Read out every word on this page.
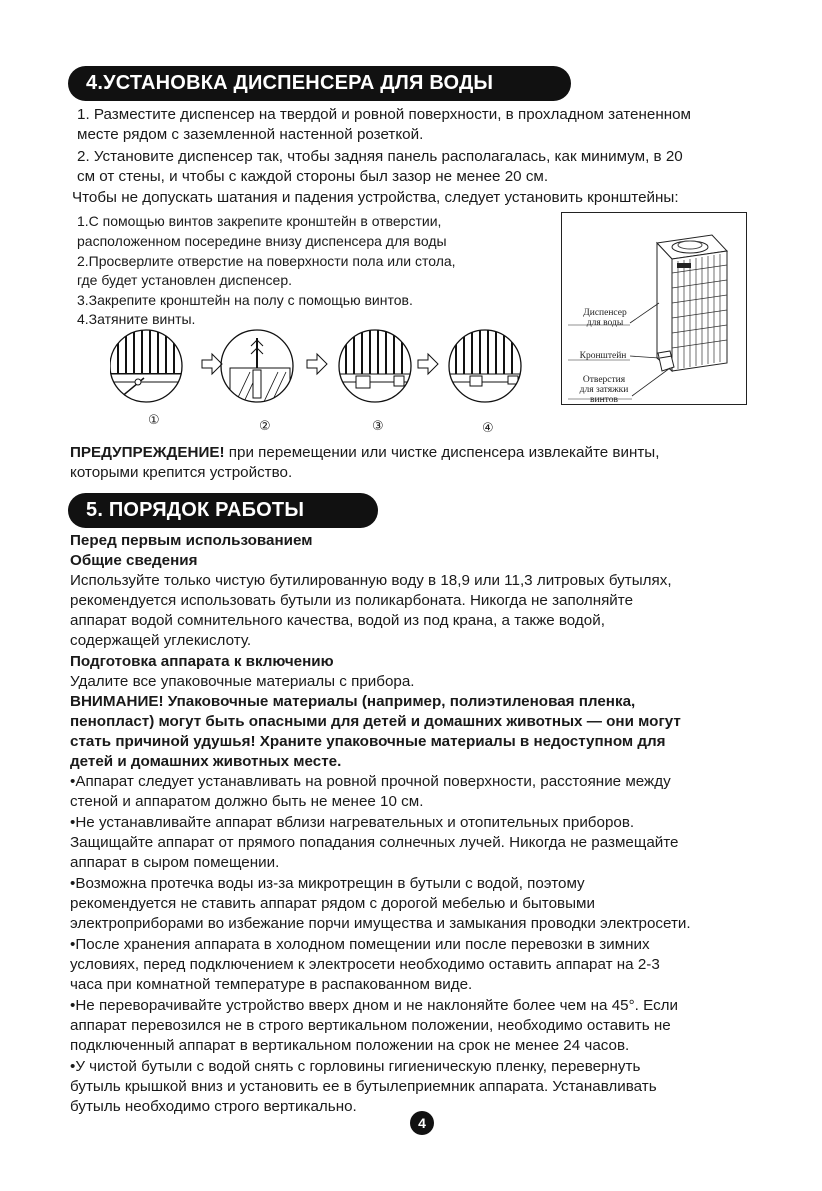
4.УСТАНОВКА ДИСПЕНСЕРА ДЛЯ ВОДЫ
1. Разместите диспенсер на твердой и ровной поверхности, в прохладном затененном
месте рядом с заземленной настенной розеткой.
2. Установите диспенсер так, чтобы задняя панель располагалась, как минимум, в 20
см от стены, и чтобы с каждой стороны был зазор не менее 20 см.
Чтобы не допускать шатания и падения устройства, следует установить кронштейны:
1.С помощью винтов закрепите кронштейн в отверстии,
расположенном посередине внизу диспенсера для воды
2.Просверлите отверстие на поверхности пола или стола,
где будет установлен диспенсер.
3.Закрепите кронштейн на полу с помощью винтов.
4.Затяните винты.
①	②	③	④
Диспенсер
для воды
Кронштейн
Отверстия
для затяжки
винтов
ПРЕДУПРЕЖДЕНИЕ! при перемещении или чистке диспенсера извлекайте винты,
которыми крепится устройство.
5. ПОРЯДОК РАБОТЫ
Перед первым использованием
Общие сведения
Используйте только чистую бутилированную воду в 18,9 или 11,3 литровых бутылях,
рекомендуется использовать бутыли из поликарбоната. Никогда не заполняйте
аппарат водой сомнительного качества, водой из под крана, а также водой,
содержащей углекислоту.
Подготовка аппарата к включению
Удалите все упаковочные материалы с прибора.
ВНИМАНИЕ! Упаковочные материалы (например, полиэтиленовая пленка,
пенопласт) могут быть опасными для детей и домашних животных — они могут
стать причиной удушья! Храните упаковочные материалы в недоступном для
детей и домашних животных месте.
•Аппарат следует устанавливать на ровной прочной поверхности, расстояние между
стеной и аппаратом должно быть не менее 10 см.
•Не устанавливайте аппарат вблизи нагревательных и отопительных приборов.
Защищайте аппарат от прямого попадания солнечных лучей. Никогда не размещайте
аппарат в сыром помещении.
•Возможна протечка воды из-за микротрещин в бутыли с водой, поэтому
рекомендуется не ставить аппарат рядом с дорогой мебелью и бытовыми
электроприборами во избежание порчи имущества и замыкания проводки электросети.
•После хранения аппарата в холодном помещении или после перевозки в зимних
условиях, перед подключением к электросети необходимо оставить аппарат на 2-3
часа при комнатной температуре в распакованном виде.
•Не переворачивайте устройство вверх дном и не наклоняйте более чем на 45°. Если
аппарат перевозился не в строго вертикальном положении, необходимо оставить не
подключенный аппарат в вертикальном положении на срок не менее 24 часов.
•У чистой бутыли с водой снять с горловины гигиеническую пленку, перевернуть
бутыль крышкой вниз и установить ее в бутылеприемник аппарата. Устанавливать
бутыль необходимо строго вертикально.
4
